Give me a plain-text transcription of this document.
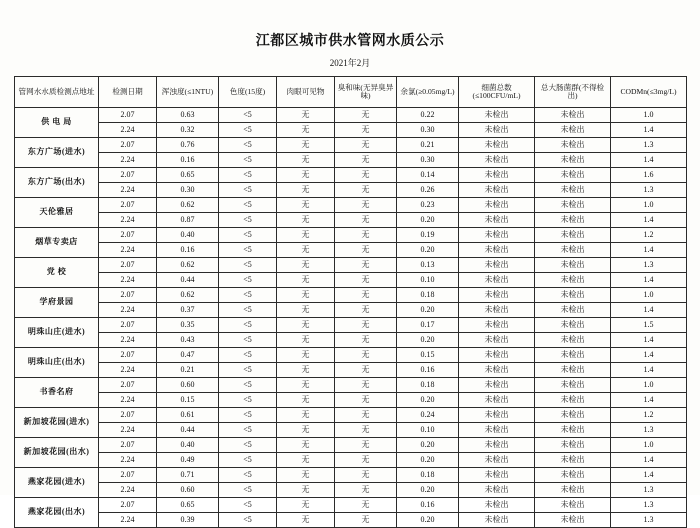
江都区城市供水管网水质公示
2021年2月
管网水水质检测点地址	检测日期	浑浊度(≤1NTU)	色度(15度)	肉眼可见物	臭和味(无异臭异味)	余氯(≥0.05mg/L)	细菌总数(≤100CFU/mL)	总大肠菌群(不得检出)	CODMn(≤3mg/L)
供 电 局	2.07	0.63	<5	无	无	0.22	未检出	未检出	1.0
	2.24	0.32	<5	无	无	0.30	未检出	未检出	1.4
东方广场(进水)	2.07	0.76	<5	无	无	0.21	未检出	未检出	1.3
	2.24	0.16	<5	无	无	0.30	未检出	未检出	1.4
东方广场(出水)	2.07	0.65	<5	无	无	0.14	未检出	未检出	1.6
	2.24	0.30	<5	无	无	0.26	未检出	未检出	1.3
天伦雅居	2.07	0.62	<5	无	无	0.23	未检出	未检出	1.0
	2.24	0.87	<5	无	无	0.20	未检出	未检出	1.4
烟草专卖店	2.07	0.40	<5	无	无	0.19	未检出	未检出	1.2
	2.24	0.16	<5	无	无	0.20	未检出	未检出	1.4
党 校	2.07	0.62	<5	无	无	0.13	未检出	未检出	1.3
	2.24	0.44	<5	无	无	0.10	未检出	未检出	1.4
学府景园	2.07	0.62	<5	无	无	0.18	未检出	未检出	1.0
	2.24	0.37	<5	无	无	0.20	未检出	未检出	1.4
明珠山庄(进水)	2.07	0.35	<5	无	无	0.17	未检出	未检出	1.5
	2.24	0.43	<5	无	无	0.20	未检出	未检出	1.4
明珠山庄(出水)	2.07	0.47	<5	无	无	0.15	未检出	未检出	1.4
	2.24	0.21	<5	无	无	0.16	未检出	未检出	1.4
书香名府	2.07	0.60	<5	无	无	0.18	未检出	未检出	1.0
	2.24	0.15	<5	无	无	0.20	未检出	未检出	1.4
新加坡花园(进水)	2.07	0.61	<5	无	无	0.24	未检出	未检出	1.2
	2.24	0.44	<5	无	无	0.10	未检出	未检出	1.3
新加坡花园(出水)	2.07	0.40	<5	无	无	0.20	未检出	未检出	1.0
	2.24	0.49	<5	无	无	0.20	未检出	未检出	1.4
燕家花园(进水)	2.07	0.71	<5	无	无	0.18	未检出	未检出	1.4
	2.24	0.60	<5	无	无	0.20	未检出	未检出	1.3
燕家花园(出水)	2.07	0.65	<5	无	无	0.16	未检出	未检出	1.3
	2.24	0.39	<5	无	无	0.20	未检出	未检出	1.3
